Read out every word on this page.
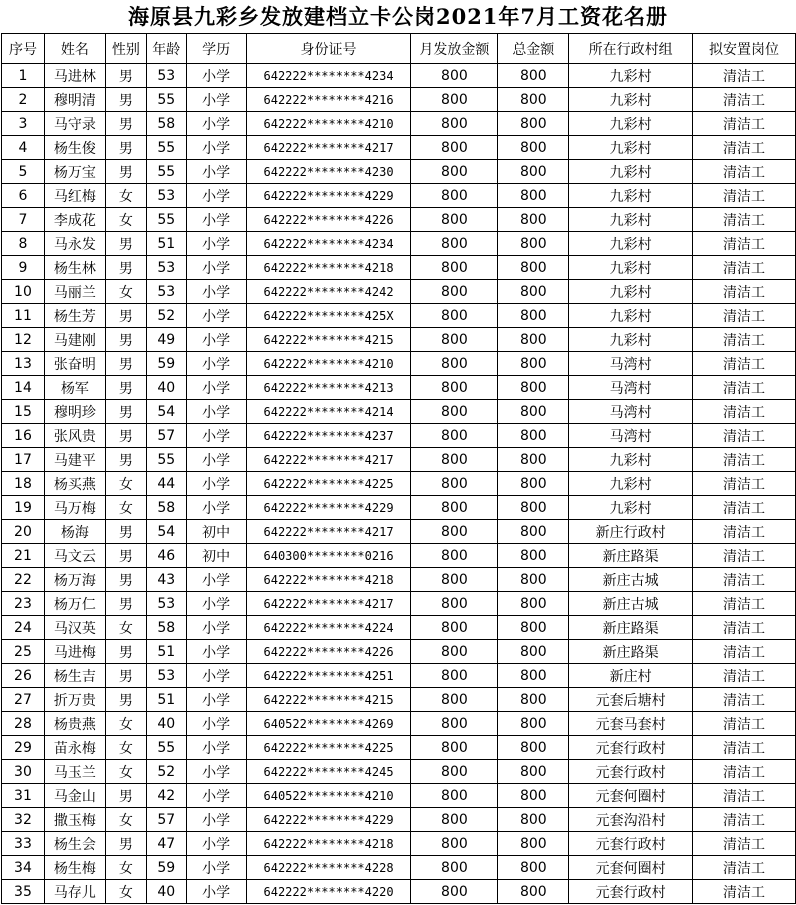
海原县九彩乡发放建档立卡公岗2021年7月工资花名册
序号	姓名	性别	年龄	学历	身份证号	月发放金额	总金额	所在行政村组	拟安置岗位
1	马进林	男	53	小学	642222********4234	800	800	九彩村	清洁工
2	穆明清	男	55	小学	642222********4216	800	800	九彩村	清洁工
3	马守录	男	58	小学	642222********4210	800	800	九彩村	清洁工
4	杨生俊	男	55	小学	642222********4217	800	800	九彩村	清洁工
5	杨万宝	男	55	小学	642222********4230	800	800	九彩村	清洁工
6	马红梅	女	53	小学	642222********4229	800	800	九彩村	清洁工
7	李成花	女	55	小学	642222********4226	800	800	九彩村	清洁工
8	马永发	男	51	小学	642222********4234	800	800	九彩村	清洁工
9	杨生林	男	53	小学	642222********4218	800	800	九彩村	清洁工
10	马丽兰	女	53	小学	642222********4242	800	800	九彩村	清洁工
11	杨生芳	男	52	小学	642222********425X	800	800	九彩村	清洁工
12	马建刚	男	49	小学	642222********4215	800	800	九彩村	清洁工
13	张奋明	男	59	小学	642222********4210	800	800	马湾村	清洁工
14	杨军	男	40	小学	642222********4213	800	800	马湾村	清洁工
15	穆明珍	男	54	小学	642222********4214	800	800	马湾村	清洁工
16	张风贵	男	57	小学	642222********4237	800	800	马湾村	清洁工
17	马建平	男	55	小学	642222********4217	800	800	九彩村	清洁工
18	杨买燕	女	44	小学	642222********4225	800	800	九彩村	清洁工
19	马万梅	女	58	小学	642222********4229	800	800	九彩村	清洁工
20	杨海	男	54	初中	642222********4217	800	800	新庄行政村	清洁工
21	马文云	男	46	初中	640300********0216	800	800	新庄路渠	清洁工
22	杨万海	男	43	小学	642222********4218	800	800	新庄古城	清洁工
23	杨万仁	男	53	小学	642222********4217	800	800	新庄古城	清洁工
24	马汉英	女	58	小学	642222********4224	800	800	新庄路渠	清洁工
25	马进梅	男	51	小学	642222********4226	800	800	新庄路渠	清洁工
26	杨生吉	男	53	小学	642222********4251	800	800	新庄村	清洁工
27	折万贵	男	51	小学	642222********4215	800	800	元套后塘村	清洁工
28	杨贵燕	女	40	小学	640522********4269	800	800	元套马套村	清洁工
29	苗永梅	女	55	小学	642222********4225	800	800	元套行政村	清洁工
30	马玉兰	女	52	小学	642222********4245	800	800	元套行政村	清洁工
31	马金山	男	42	小学	640522********4210	800	800	元套何圈村	清洁工
32	撒玉梅	女	57	小学	642222********4229	800	800	元套沟沿村	清洁工
33	杨生会	男	47	小学	642222********4218	800	800	元套行政村	清洁工
34	杨生梅	女	59	小学	642222********4228	800	800	元套何圈村	清洁工
35	马存儿	女	40	小学	642222********4220	800	800	元套行政村	清洁工
